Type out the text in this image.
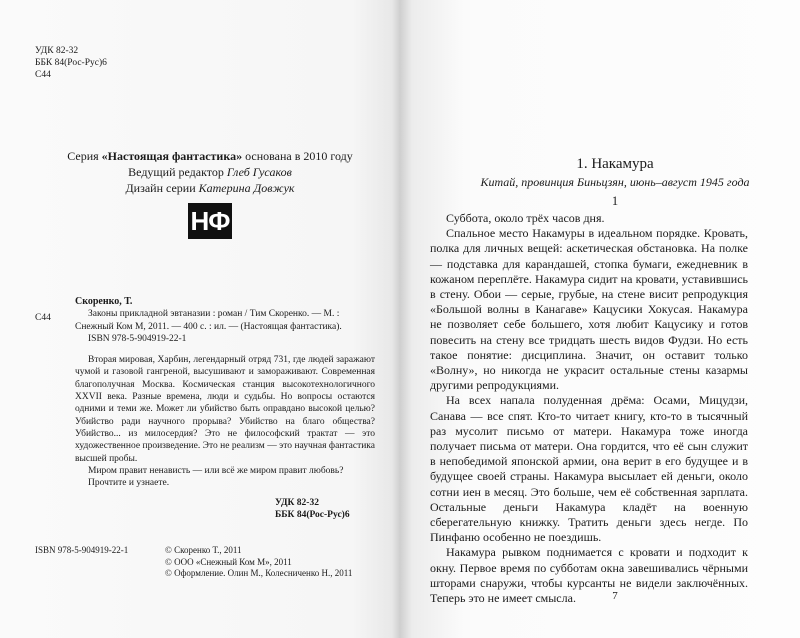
УДК 82-32
ББК 84(Рос-Рус)6
С44
Серия «Настоящая фантастика» основана в 2010 году
Ведущий редактор Глеб Гусаков
Дизайн серии Катерина Довжук
НФ
С44

Скоренко, Т.

Законы прикладной эвтаназии : роман / Тим Скоренко. — М. :

Снежный Ком М, 2011. — 400 с. : ил. — (Настоящая фантастика).

ISBN 978-5-904919-22-1

Вторая мировая, Харбин, легендарный отряд 731, где людей заражают чумой и газовой гангреной, высушивают и замораживают. Современная благополучная Москва. Космическая станция высокотехнологичного XXVII века. Разные времена, люди и судьбы. Но вопросы остаются одними и теми же. Может ли убийство быть оправдано высокой целью? Убийство ради научного прорыва? Убийство на благо общества? Убийство... из милосердия? Это не философский трактат — это художественное произведение. Это не реализм — это научная фантастика высшей пробы.

Миром правит ненависть — или всё же миром правит любовь?

Прочтите и узнаете.

УДК 82-32
ББК 84(Рос-Рус)6
ISBN 978-5-904919-22-1	© Скоренко Т., 2011
© ООО «Снежный Ком М», 2011
© Оформление. Олин М., Колесниченко Н., 2011
1. Накамура
Китай, провинция Биньцзян, июнь–август 1945 года
1

Суббота, около трёх часов дня.

Спальное место Накамуры в идеальном порядке. Кровать, полка для личных вещей: аскетическая обстановка. На полке — подставка для карандашей, стопка бумаги, ежедневник в кожаном переплёте. Накамура сидит на кровати, уставившись в стену. Обои — серые, грубые, на стене висит репродукция «Большой волны в Канагаве» Кацусики Хокусая. Накамура не позволяет себе большего, хотя любит Кацусику и готов повесить на стену все тридцать шесть видов Фудзи. Но есть такое понятие: дисциплина. Значит, он оставит только «Волну», но никогда не украсит остальные стены казармы другими репродукциями.

На всех напала полуденная дрёма: Осами, Мицудзи, Санава — все спят. Кто-то читает книгу, кто-то в тысячный раз мусолит письмо от матери. Накамура тоже иногда получает письма от матери. Она гордится, что её сын служит в непобедимой японской армии, она верит в его будущее и в будущее своей страны. Накамура высылает ей деньги, около сотни иен в месяц. Это больше, чем её собственная зарплата. Остальные деньги Накамура кладёт на военную сберегательную книжку. Тратить деньги здесь негде. По Пинфаню особенно не поездишь.

Накамура рывком поднимается с кровати и подходит к окну. Первое время по субботам окна завешивались чёрными шторами снаружи, чтобы курсанты не видели заключённых. Теперь это не имеет смысла.	7
